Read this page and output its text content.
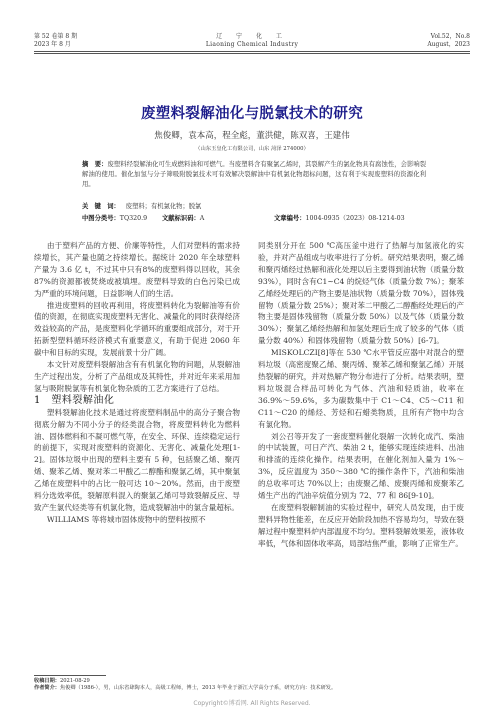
第 52 卷第 8 期
2023 年 8 月
辽 宁 化 工
Liaoning Chemical Industry
Vol.52，No.8
August，2023
废塑料裂解油化与脱氯技术的研究
焦俊卿，袁本高，程全彪，董洪健，陈双喜，王建伟
（山东玉皇化工有限公司，山东 菏泽 274000）
摘　要：废塑料经裂解油化可生成燃料油和可燃气。当废塑料含有聚氯乙烯时，其裂解产生的氯化物具有腐蚀性，会影响裂解油的使用。催化加氢与分子筛吸附脱氯技术可有效解决裂解油中有机氯化物超标问题，这有利于实现废塑料的资源化利用。
关　键　词： 废塑料；有机氯化物；脱氯
中图分类号：TQ320.9 文献标识码：A	文章编号：1004-0935（2023）08-1214-03

由于塑料产品的方便、价廉等特性，人们对塑料的需求持续增长，其产量也随之持续增长。据统计 2020 年全球塑料产量为 3.6 亿 t，不过其中只有8%的废塑料得以回收，其余 87%的资源都被焚烧或被填埋。废塑料导致的白色污染已成为严重的环境问题，日益影响人们的生活。

推进废塑料的回收再利用，将废塑料转化为裂解油等有价值的资源，在彻底实现废塑料无害化、减量化的同时获得经济效益较高的产品，是废塑料化学循环的重要组成部分，对于开拓新型塑料循环经济模式有重要意义，有助于促进 2060 年碳中和目标的实现，发展前景十分广阔。

本文针对废塑料裂解油含有有机氯化物的问题，从裂解油生产过程出发，分析了产品组成及其特性，并对近年来采用加氢与吸附脱氯等有机氯化物杂质的工艺方案进行了总结。

1　塑料裂解油化

塑料裂解油化技术是通过将废塑料制品中的高分子聚合物彻底分解为不同小分子的烃类混合物，将废塑料转化为燃料油、固体燃料和不凝可燃气等，在安全、环保、连续稳定运行的前提下，实现对废塑料的资源化、无害化、减量化处理[1-2]。固体垃圾中出现的塑料主要有 5 种，包括聚乙烯、聚丙烯、聚苯乙烯、聚对苯二甲酸乙二醇酯和聚氯乙烯，其中聚氯乙烯在废塑料中的占比一般可达 10～20%。然而，由于废塑料分选效率低，裂解原料混入的聚氯乙烯可导致裂解反应、导致产生氯代烃类等有机氯化物，造成裂解油中的氯含量超标。

WILLIAMS 等将城市固体废物中的塑料按照不

同类别分开在 500 ℃高压釜中进行了热解与加氢液化的实验，并对产品组成与收率进行了分析。研究结果表明，聚乙烯和聚丙烯经过热解和液化处理以后主要得到油状物（质量分数 93%），同时含有C1~C4 的烷烃气体（质量分数 7%）；聚苯乙烯经处理后的产物主要是油状物（质量分数 70%），固体残留物（质量分数 25%）；聚对苯二甲酸乙二醇酯经处理后的产物主要是固体残留物（质量分数 50%）以及气体（质量分数 30%）；聚氯乙烯经热解和加氢处理后生成了较多的气体（质量分数 40%）和固体残留物（质量分数 50%）[6-7]。

MISKOLCZI[8]等在 530 ℃水平管反应器中对混合的塑料垃圾（高密度聚乙烯、聚丙烯、聚苯乙烯和聚氯乙烯）开展热裂解的研究，并对热解产物分布进行了分析。结果表明，塑料垃圾混合样品可转化为气体、汽油和轻质油，收率在 36.9%～59.6%，多为碳数集中于 C1～C4、C5～C11 和 C11～C20 的烯烃、芳烃和石蜡类物质，且所有产物中均含有氯化物。

刘公召等开发了一套废塑料催化裂解一次转化成汽、柴油的中试装置，可日产汽、柴油 2 t，能够实现连续进料、出油和排渣的连续化操作。结果表明，在催化剂加入量为 1%～3%，反应温度为 350～380 ℃的操作条件下，汽油和柴油的总收率可达 70%以上；由废聚乙烯、废聚丙烯和废聚苯乙烯生产出的汽油辛烷值分别为 72、77 和 86[9-10]。

在废塑料裂解制油的实验过程中，研究人员发现，由于废塑料异物性能差，在反应开始阶段加热不容易均匀，导致在裂解过程中聚塑料炉内部温度不均匀。塑料裂解效果差，液体收率低，气体和固体收率高，局部结焦严重，影响了正常生产。

收稿日期：2021-08-29
作者简介：焦俊卿（1986-），男，山东省肆陶本人，高级工程师，博士，2013 年毕业于浙江大学高分子系，研究方向：技术研发。
Copyright©博看网. All Rights Reserved.
